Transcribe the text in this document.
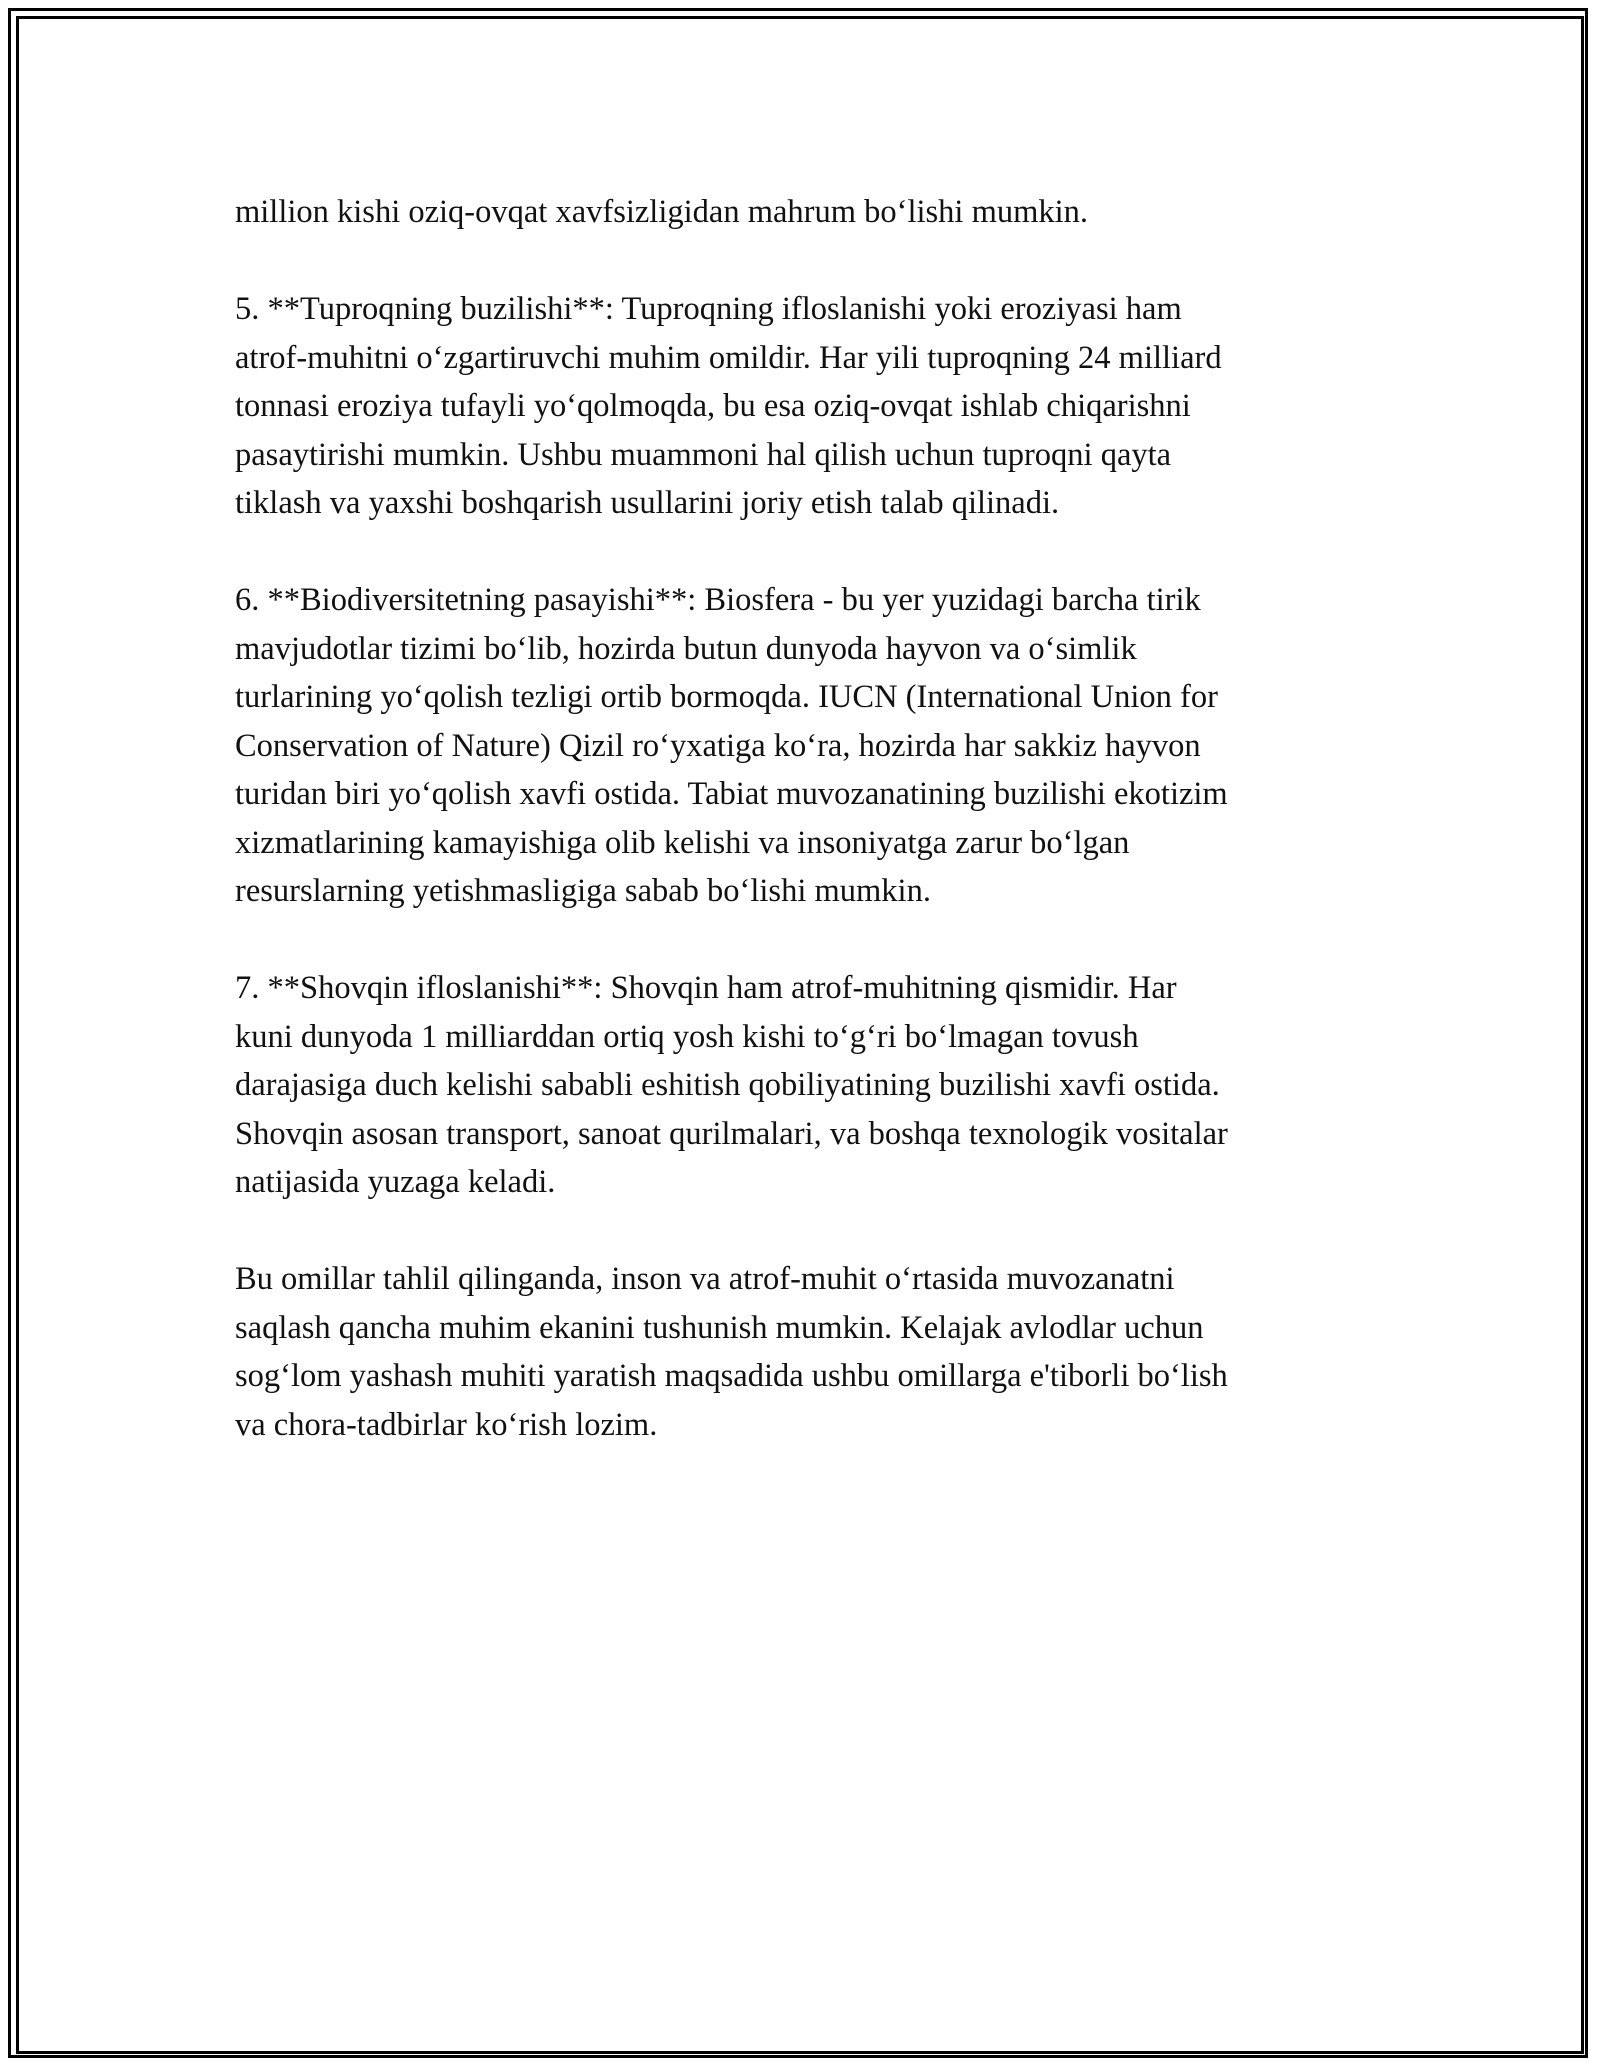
million kishi oziq-ovqat xavfsizligidan mahrum bo‘lishi mumkin.

5. **Tuproqning buzilishi**: Tuproqning ifloslanishi yoki eroziyasi ham
atrof-muhitni o‘zgartiruvchi muhim omildir. Har yili tuproqning 24 milliard
tonnasi eroziya tufayli yo‘qolmoqda, bu esa oziq-ovqat ishlab chiqarishni
pasaytirishi mumkin. Ushbu muammoni hal qilish uchun tuproqni qayta
tiklash va yaxshi boshqarish usullarini joriy etish talab qilinadi.

6. **Biodiversitetning pasayishi**: Biosfera - bu yer yuzidagi barcha tirik
mavjudotlar tizimi bo‘lib, hozirda butun dunyoda hayvon va o‘simlik
turlarining yo‘qolish tezligi ortib bormoqda. IUCN (International Union for
Conservation of Nature) Qizil ro‘yxatiga ko‘ra, hozirda har sakkiz hayvon
turidan biri yo‘qolish xavfi ostida. Tabiat muvozanatining buzilishi ekotizim
xizmatlarining kamayishiga olib kelishi va insoniyatga zarur bo‘lgan
resurslarning yetishmasligiga sabab bo‘lishi mumkin.

7. **Shovqin ifloslanishi**: Shovqin ham atrof-muhitning qismidir. Har
kuni dunyoda 1 milliarddan ortiq yosh kishi to‘g‘ri bo‘lmagan tovush
darajasiga duch kelishi sababli eshitish qobiliyatining buzilishi xavfi ostida.
Shovqin asosan transport, sanoat qurilmalari, va boshqa texnologik vositalar
natijasida yuzaga keladi.

Bu omillar tahlil qilinganda, inson va atrof-muhit o‘rtasida muvozanatni
saqlash qancha muhim ekanini tushunish mumkin. Kelajak avlodlar uchun
sog‘lom yashash muhiti yaratish maqsadida ushbu omillarga e'tiborli bo‘lish
va chora-tadbirlar ko‘rish lozim.
